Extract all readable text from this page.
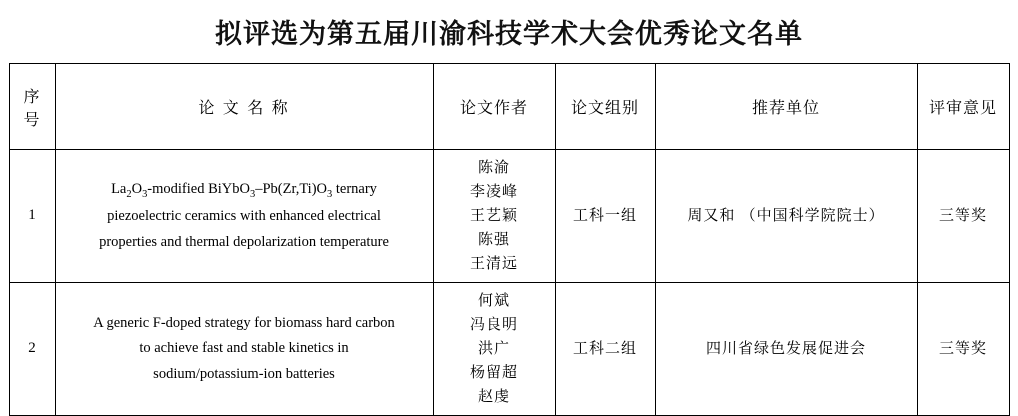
拟评选为第五届川渝科技学术大会优秀论文名单
序号	论 文 名 称	论文作者	论文组别	推荐单位	评审意见
1	$La_2O_3$-modified $BiYbO_3-Pb(Zr,Ti)O_3$ ternary
piezoelectric ceramics with enhanced electrical
properties and thermal depolarization temperature	陈渝
李凌峰
王艺颖
陈强
王清远	工科一组	周又和 （中国科学院院士）	三等奖
2	A generic F-doped strategy for biomass hard carbon
to achieve fast and stable kinetics in
sodium/potassium-ion batteries	何斌
冯良明
洪广
杨留超
赵虔	工科二组	四川省绿色发展促进会	三等奖
